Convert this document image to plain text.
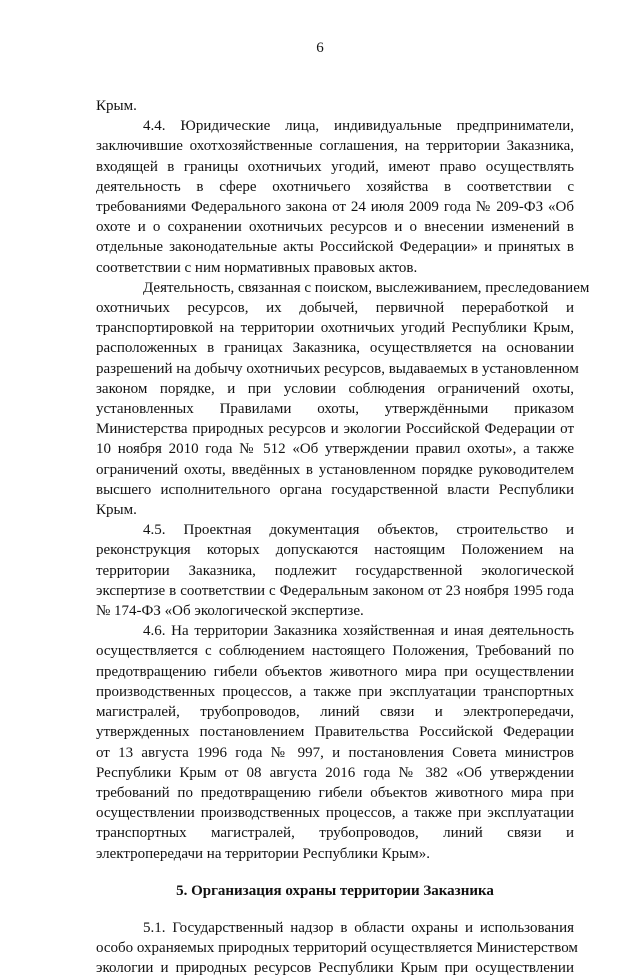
6
Крым.
4.4. Юридические лица, индивидуальные предприниматели,
заключившие охотхозяйственные соглашения, на территории Заказника,
входящей в границы охотничьих угодий, имеют право осуществлять
деятельность в сфере охотничьего хозяйства в соответствии с
требованиями Федерального закона от 24 июля 2009 года № 209-ФЗ «Об
охоте и о сохранении охотничьих ресурсов и о внесении изменений в
отдельные законодательные акты Российской Федерации» и принятых в
соответствии с ним нормативных правовых актов.
Деятельность, связанная с поиском, выслеживанием, преследованием
охотничьих ресурсов, их добычей, первичной переработкой и
транспортировкой на территории охотничьих угодий Республики Крым,
расположенных в границах Заказника, осуществляется на основании
разрешений на добычу охотничьих ресурсов, выдаваемых в установленном
законом порядке, и при условии соблюдения ограничений охоты,
установленных Правилами охоты, утверждёнными приказом
Министерства природных ресурсов и экологии Российской Федерации от
10 ноября 2010 года № 512 «Об утверждении правил охоты», а также
ограничений охоты, введённых в установленном порядке руководителем
высшего исполнительного органа государственной власти Республики
Крым.
4.5. Проектная документация объектов, строительство и
реконструкция которых допускаются настоящим Положением на
территории Заказника, подлежит государственной экологической
экспертизе в соответствии с Федеральным законом от 23 ноября 1995 года
№ 174-ФЗ «Об экологической экспертизе.
4.6. На территории Заказника хозяйственная и иная деятельность
осуществляется с соблюдением настоящего Положения, Требований по
предотвращению гибели объектов животного мира при осуществлении
производственных процессов, а также при эксплуатации транспортных
магистралей, трубопроводов, линий связи и электропередачи,
утвержденных постановлением Правительства Российской Федерации
от 13 августа 1996 года № 997, и постановления Совета министров
Республики Крым от 08 августа 2016 года № 382 «Об утверждении
требований по предотвращению гибели объектов животного мира при
осуществлении производственных процессов, а также при эксплуатации
транспортных магистралей, трубопроводов, линий связи и
электропередачи на территории Республики Крым».
5. Организация охраны территории Заказника
5.1. Государственный надзор в области охраны и использования
особо охраняемых природных территорий осуществляется Министерством
экологии и природных ресурсов Республики Крым при осуществлении
